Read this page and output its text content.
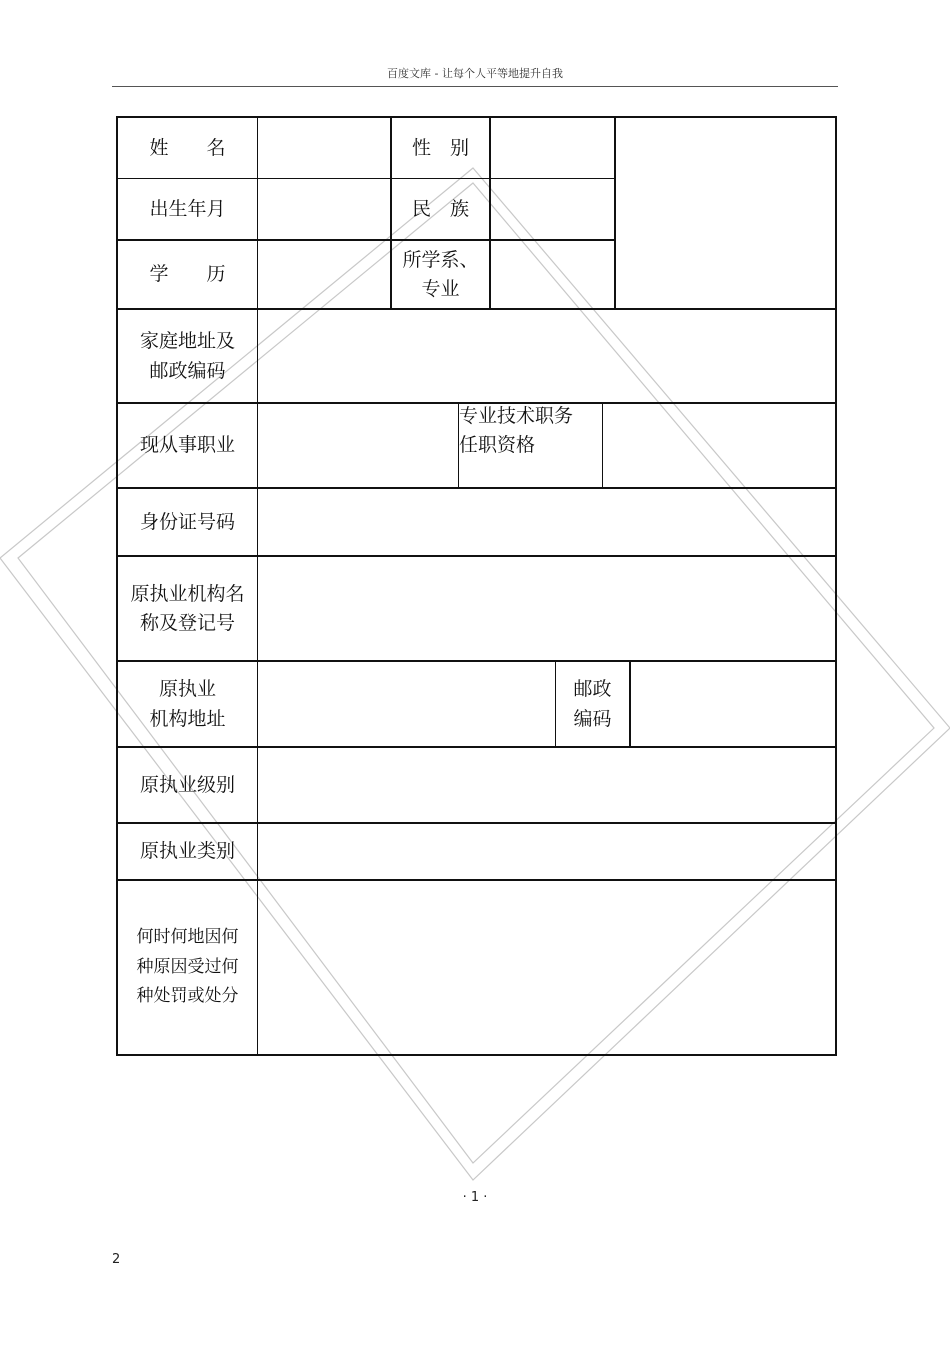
百度文库 - 让每个人平等地提升自我
姓　　名	性　别
出生年月	民　族
学　　历
所学系、
专业
家庭地址及
邮政编码
现从事职业
专业技术职务
任职资格
身份证号码
原执业机构名
称及登记号
原执业
机构地址
邮政
编码
原执业级别
原执业类别
何时何地因何
种原因受过何
种处罚或处分
· 1 ·
2
